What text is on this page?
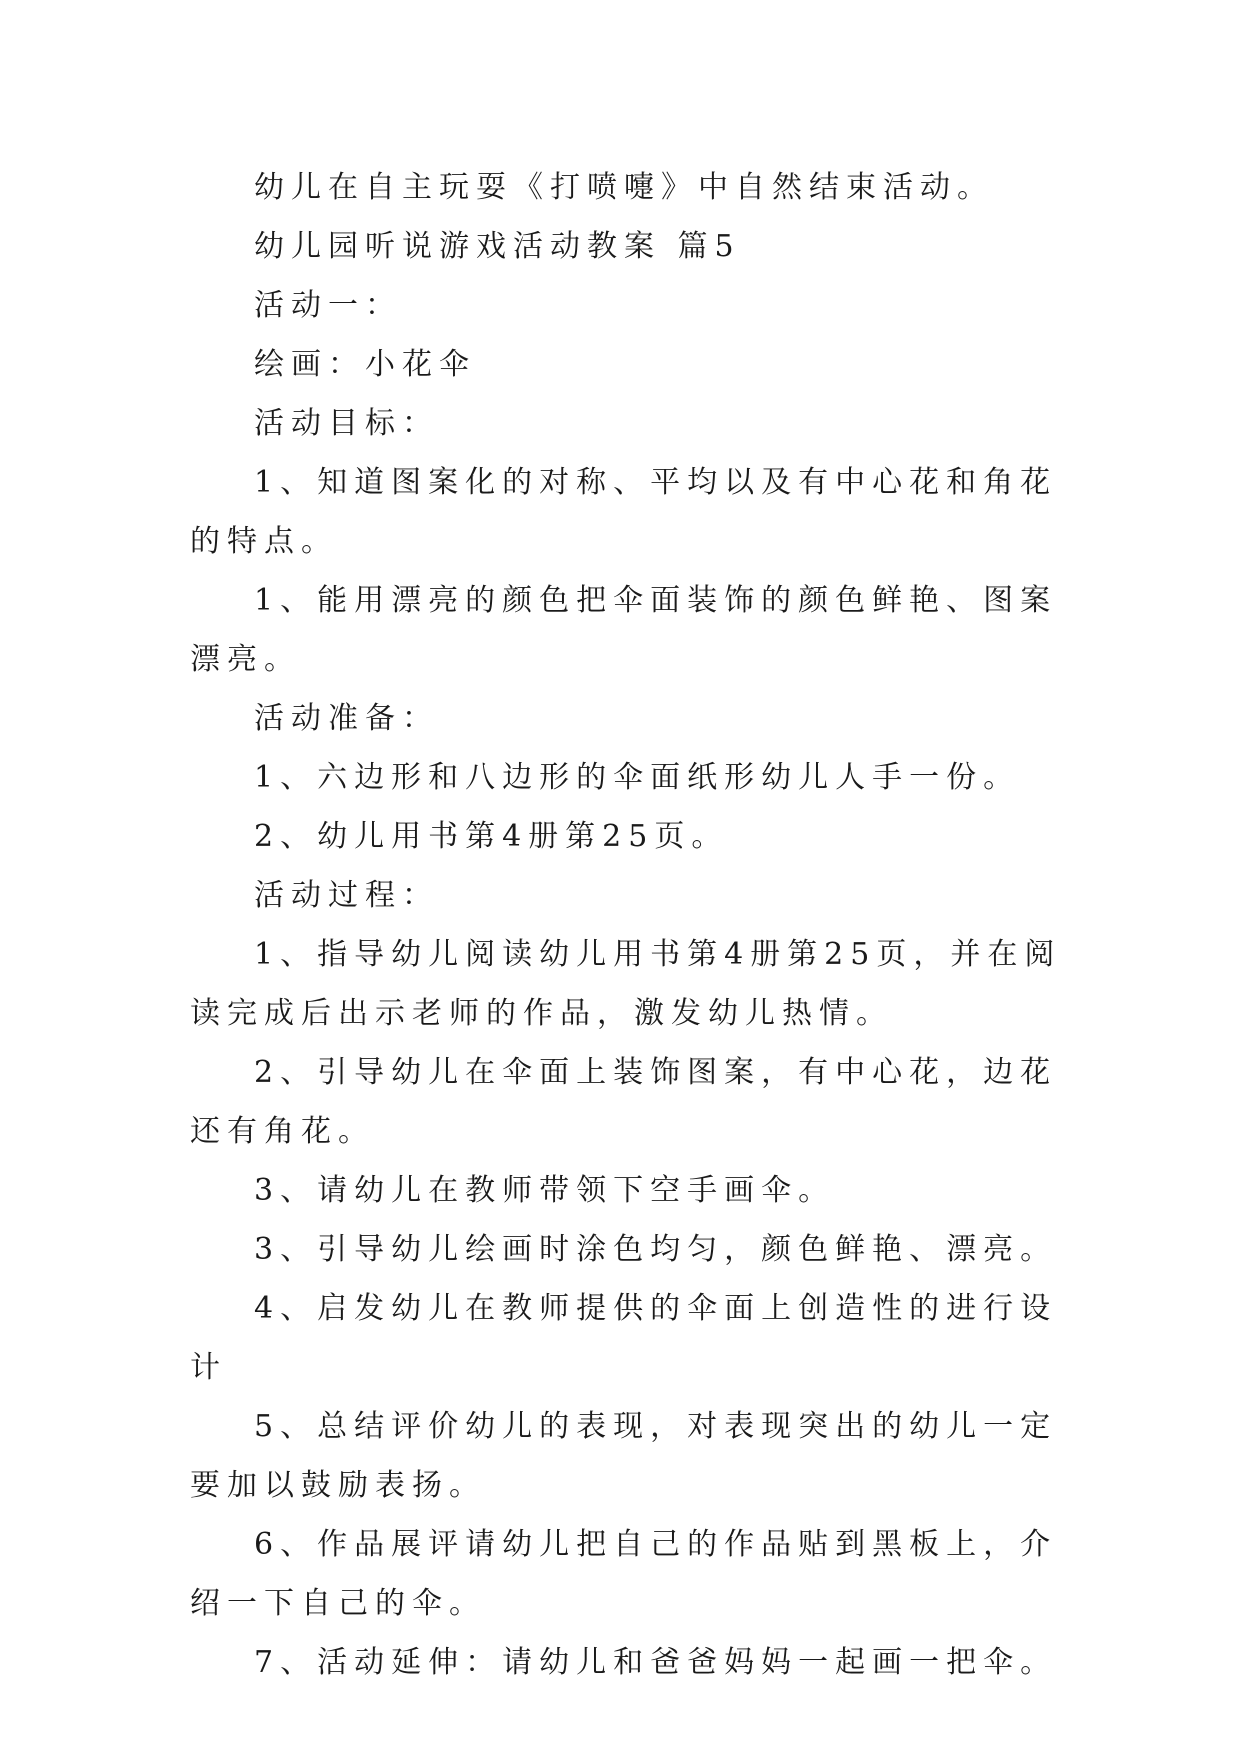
幼儿在自主玩耍《打喷嚏》中自然结束活动。

幼儿园听说游戏活动教案 篇5

活动一：

绘画：小花伞

活动目标：

1、知道图案化的对称、平均以及有中心花和角花的特点。

1、能用漂亮的颜色把伞面装饰的颜色鲜艳、图案漂亮。

活动准备：

1、六边形和八边形的伞面纸形幼儿人手一份。

2、幼儿用书第4册第25页。

活动过程：

1、指导幼儿阅读幼儿用书第4册第25页，并在阅读完成后出示老师的作品，激发幼儿热情。

2、引导幼儿在伞面上装饰图案，有中心花，边花还有角花。

3、请幼儿在教师带领下空手画伞。

3、引导幼儿绘画时涂色均匀，颜色鲜艳、漂亮。

4、启发幼儿在教师提供的伞面上创造性的进行设计

5、总结评价幼儿的表现，对表现突出的幼儿一定要加以鼓励表扬。

6、作品展评请幼儿把自己的作品贴到黑板上，介绍一下自己的伞。

7、活动延伸：请幼儿和爸爸妈妈一起画一把伞。
